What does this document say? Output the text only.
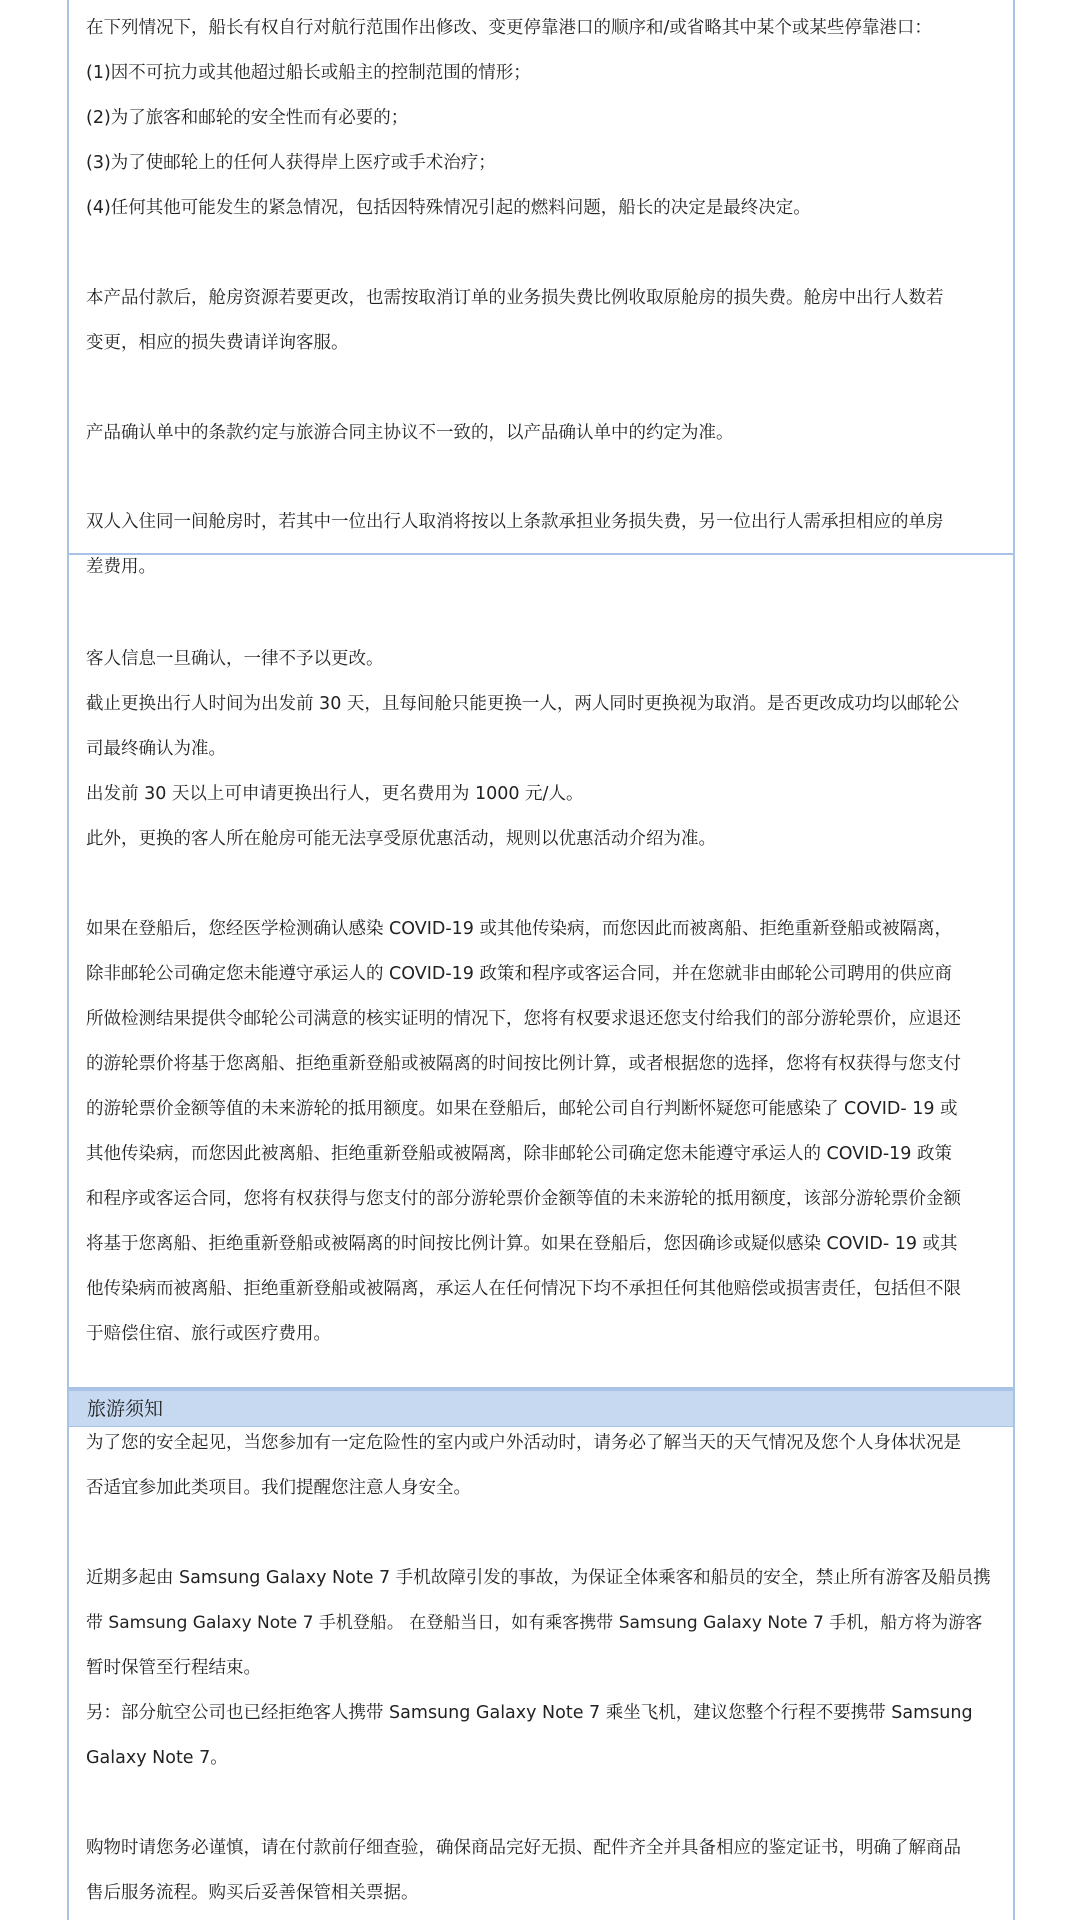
在下列情况下，船长有权自行对航行范围作出修改、变更停靠港口的顺序和/或省略其中某个或某些停靠港口：

(1)因不可抗力或其他超过船长或船主的控制范围的情形；

(2)为了旅客和邮轮的安全性而有必要的；

(3)为了使邮轮上的任何人获得岸上医疗或手术治疗；

(4)任何其他可能发生的紧急情况，包括因特殊情况引起的燃料问题，船长的决定是最终决定。

本产品付款后，舱房资源若要更改，也需按取消订单的业务损失费比例收取原舱房的损失费。舱房中出行人数若

变更，相应的损失费请详询客服。

产品确认单中的条款约定与旅游合同主协议不一致的，以产品确认单中的约定为准。

双人入住同一间舱房时，若其中一位出行人取消将按以上条款承担业务损失费，另一位出行人需承担相应的单房

差费用。

客人信息一旦确认，一律不予以更改。

截止更换出行人时间为出发前 30 天，且每间舱只能更换一人，两人同时更换视为取消。是否更改成功均以邮轮公

司最终确认为准。

出发前 30 天以上可申请更换出行人，更名费用为 1000 元/人。

此外，更换的客人所在舱房可能无法享受原优惠活动，规则以优惠活动介绍为准。

如果在登船后，您经医学检测确认感染 COVID-19 或其他传染病，而您因此而被离船、拒绝重新登船或被隔离，

除非邮轮公司确定您未能遵守承运人的 COVID-19 政策和程序或客运合同，并在您就非由邮轮公司聘用的供应商

所做检测结果提供令邮轮公司满意的核实证明的情况下，您将有权要求退还您支付给我们的部分游轮票价，应退还

的游轮票价将基于您离船、拒绝重新登船或被隔离的时间按比例计算，或者根据您的选择，您将有权获得与您支付

的游轮票价金额等值的未来游轮的抵用额度。如果在登船后，邮轮公司自行判断怀疑您可能感染了 COVID- 19 或

其他传染病，而您因此被离船、拒绝重新登船或被隔离，除非邮轮公司确定您未能遵守承运人的 COVID-19 政策

和程序或客运合同，您将有权获得与您支付的部分游轮票价金额等值的未来游轮的抵用额度，该部分游轮票价金额

将基于您离船、拒绝重新登船或被隔离的时间按比例计算。如果在登船后，您因确诊或疑似感染 COVID- 19 或其

他传染病而被离船、拒绝重新登船或被隔离，承运人在任何情况下均不承担任何其他赔偿或损害责任，包括但不限

于赔偿住宿、旅行或医疗费用。

旅游须知

为了您的安全起见，当您参加有一定危险性的室内或户外活动时，请务必了解当天的天气情况及您个人身体状况是

否适宜参加此类项目。我们提醒您注意人身安全。

近期多起由 Samsung Galaxy Note 7 手机故障引发的事故，为保证全体乘客和船员的安全，禁止所有游客及船员携

带 Samsung Galaxy Note 7 手机登船。 在登船当日，如有乘客携带 Samsung Galaxy Note 7 手机，船方将为游客

暂时保管至行程结束。

另：部分航空公司也已经拒绝客人携带 Samsung Galaxy Note 7 乘坐飞机，建议您整个行程不要携带 Samsung

Galaxy Note 7。

购物时请您务必谨慎，请在付款前仔细查验，确保商品完好无损、配件齐全并具备相应的鉴定证书，明确了解商品

售后服务流程。购买后妥善保管相关票据。
